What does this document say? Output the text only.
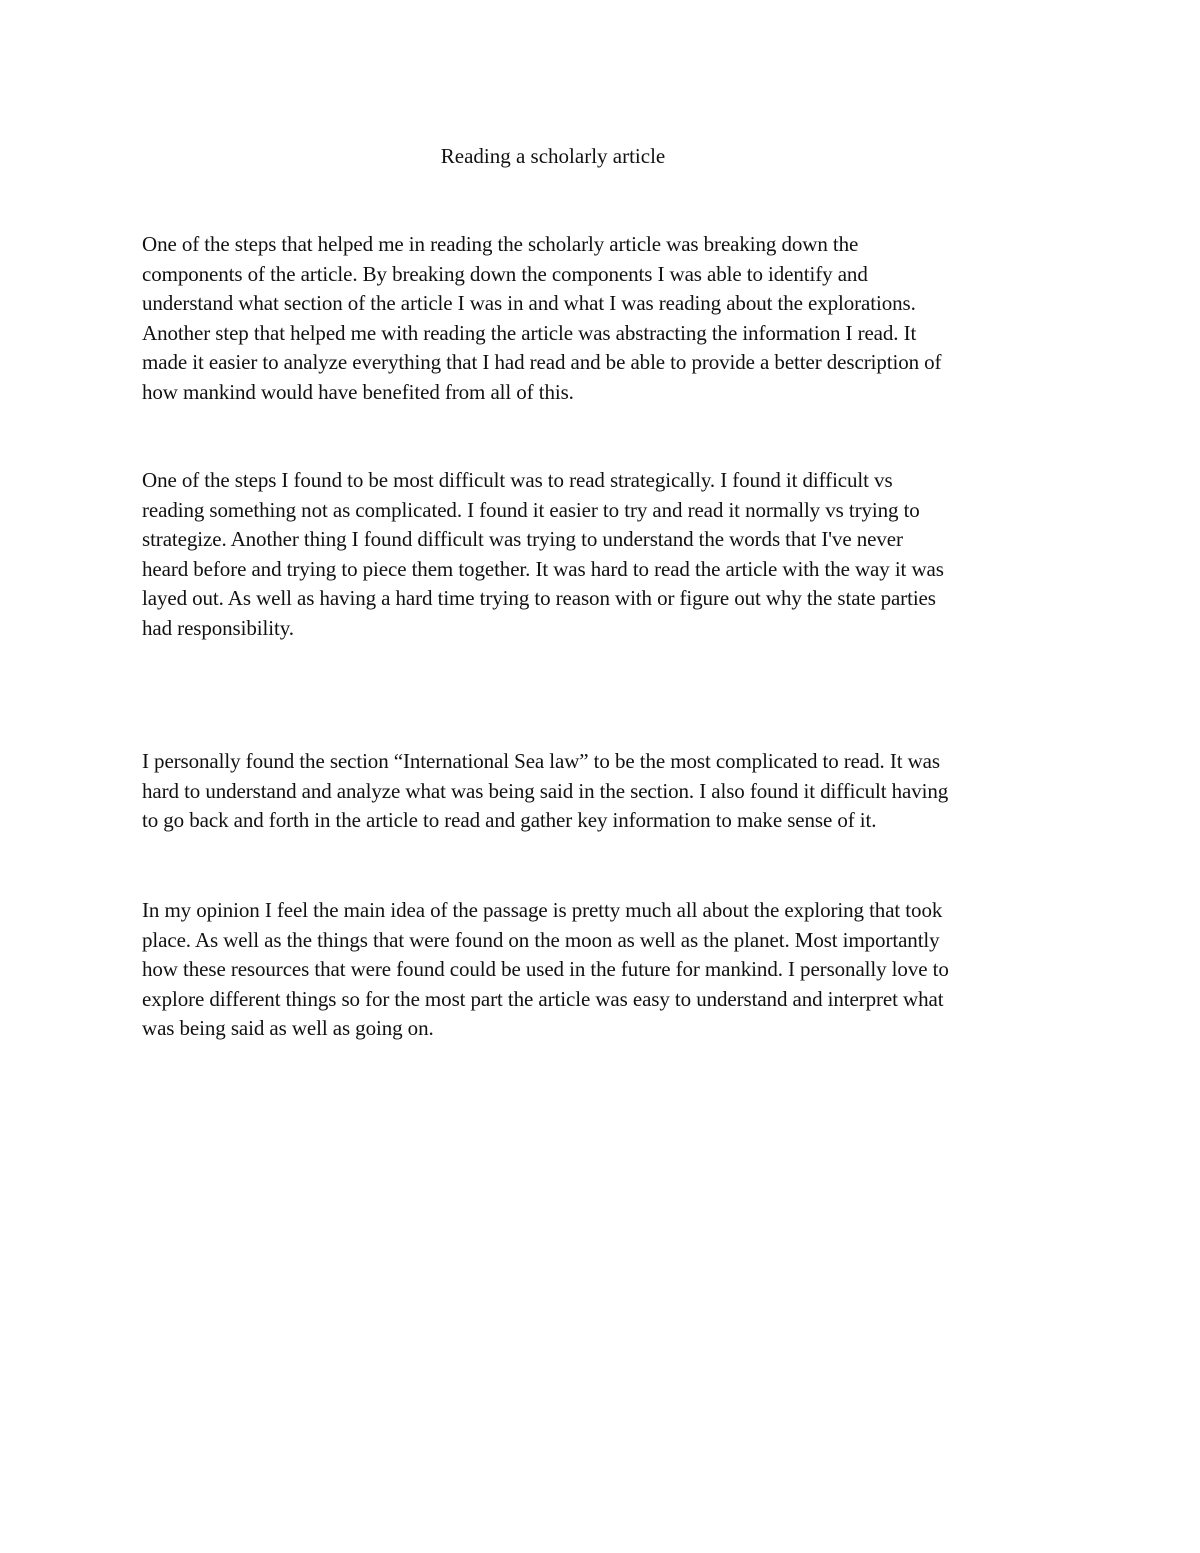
Reading a scholarly article
One of the steps that helped me in reading the scholarly article was breaking down the
components of the article. By breaking down the components I was able to identify and
understand what section of the article I was in and what I was reading about the explorations.
Another step that helped me with reading the article was abstracting the information I read. It
made it easier to analyze everything that I had read and be able to provide a better description of
how mankind would have benefited from all of this.
One of the steps I found to be most difficult was to read strategically. I found it difficult vs
reading something not as complicated. I found it easier to try and read it normally vs trying to
strategize. Another thing I found difficult was trying to understand the words that I've never
heard before and trying to piece them together. It was hard to read the article with the way it was
layed out. As well as having a hard time trying to reason with or figure out why the state parties
had responsibility.
I personally found the section “International Sea law” to be the most complicated to read. It was
hard to understand and analyze what was being said in the section. I also found it difficult having
to go back and forth in the article to read and gather key information to make sense of it.
In my opinion I feel the main idea of the passage is pretty much all about the exploring that took
place. As well as the things that were found on the moon as well as the planet. Most importantly
how these resources that were found could be used in the future for mankind. I personally love to
explore different things so for the most part the article was easy to understand and interpret what
was being said as well as going on.
